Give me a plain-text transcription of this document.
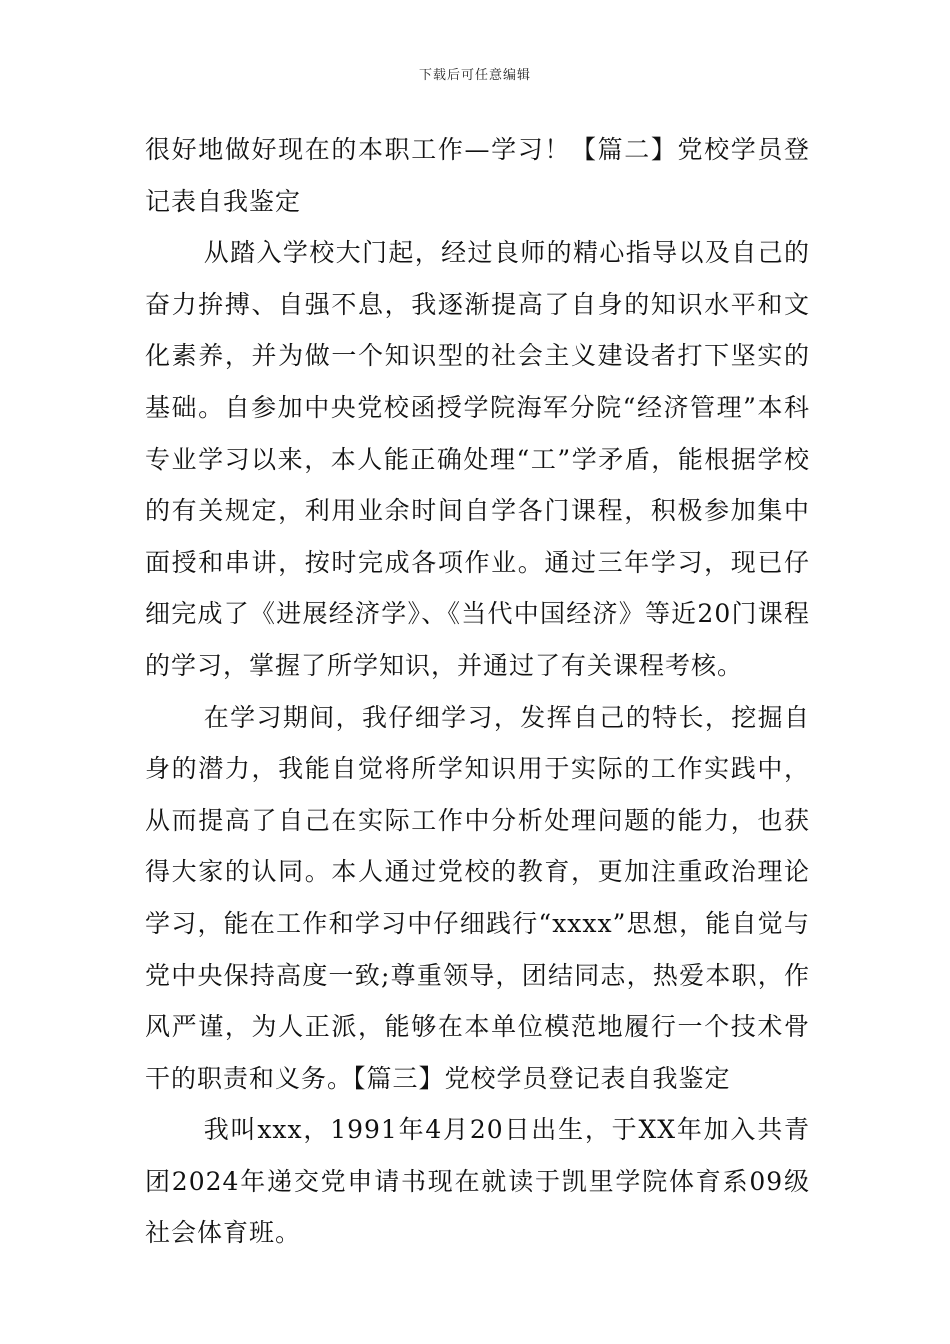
下载后可任意编辑

很好地做好现在的本职工作—学习！【篇二】党校学员登记表自我鉴定

从踏入学校大门起，经过良师的精心指导以及自己的奋力拚搏、自强不息，我逐渐提高了自身的知识水平和文化素养，并为做一个知识型的社会主义建设者打下坚实的基础。自参加中央党校函授学院海军分院“经济管理”本科专业学习以来，本人能正确处理“工”学矛盾，能根据学校的有关规定，利用业余时间自学各门课程，积极参加集中面授和串讲，按时完成各项作业。通过三年学习，现已仔细完成了《进展经济学》、《当代中国经济》等近20门课程的学习，掌握了所学知识，并通过了有关课程考核。

在学习期间，我仔细学习，发挥自己的特长，挖掘自身的潜力，我能自觉将所学知识用于实际的工作实践中，从而提高了自己在实际工作中分析处理问题的能力，也获得大家的认同。本人通过党校的教育，更加注重政治理论学习，能在工作和学习中仔细践行“xxxx”思想，能自觉与党中央保持高度一致;尊重领导，团结同志，热爱本职，作风严谨，为人正派，能够在本单位模范地履行一个技术骨干的职责和义务。【篇三】党校学员登记表自我鉴定

我叫xxx，1991年4月20日出生，于XX年加入共青团2024年递交党申请书现在就读于凯里学院体育系09级社会体育班。
